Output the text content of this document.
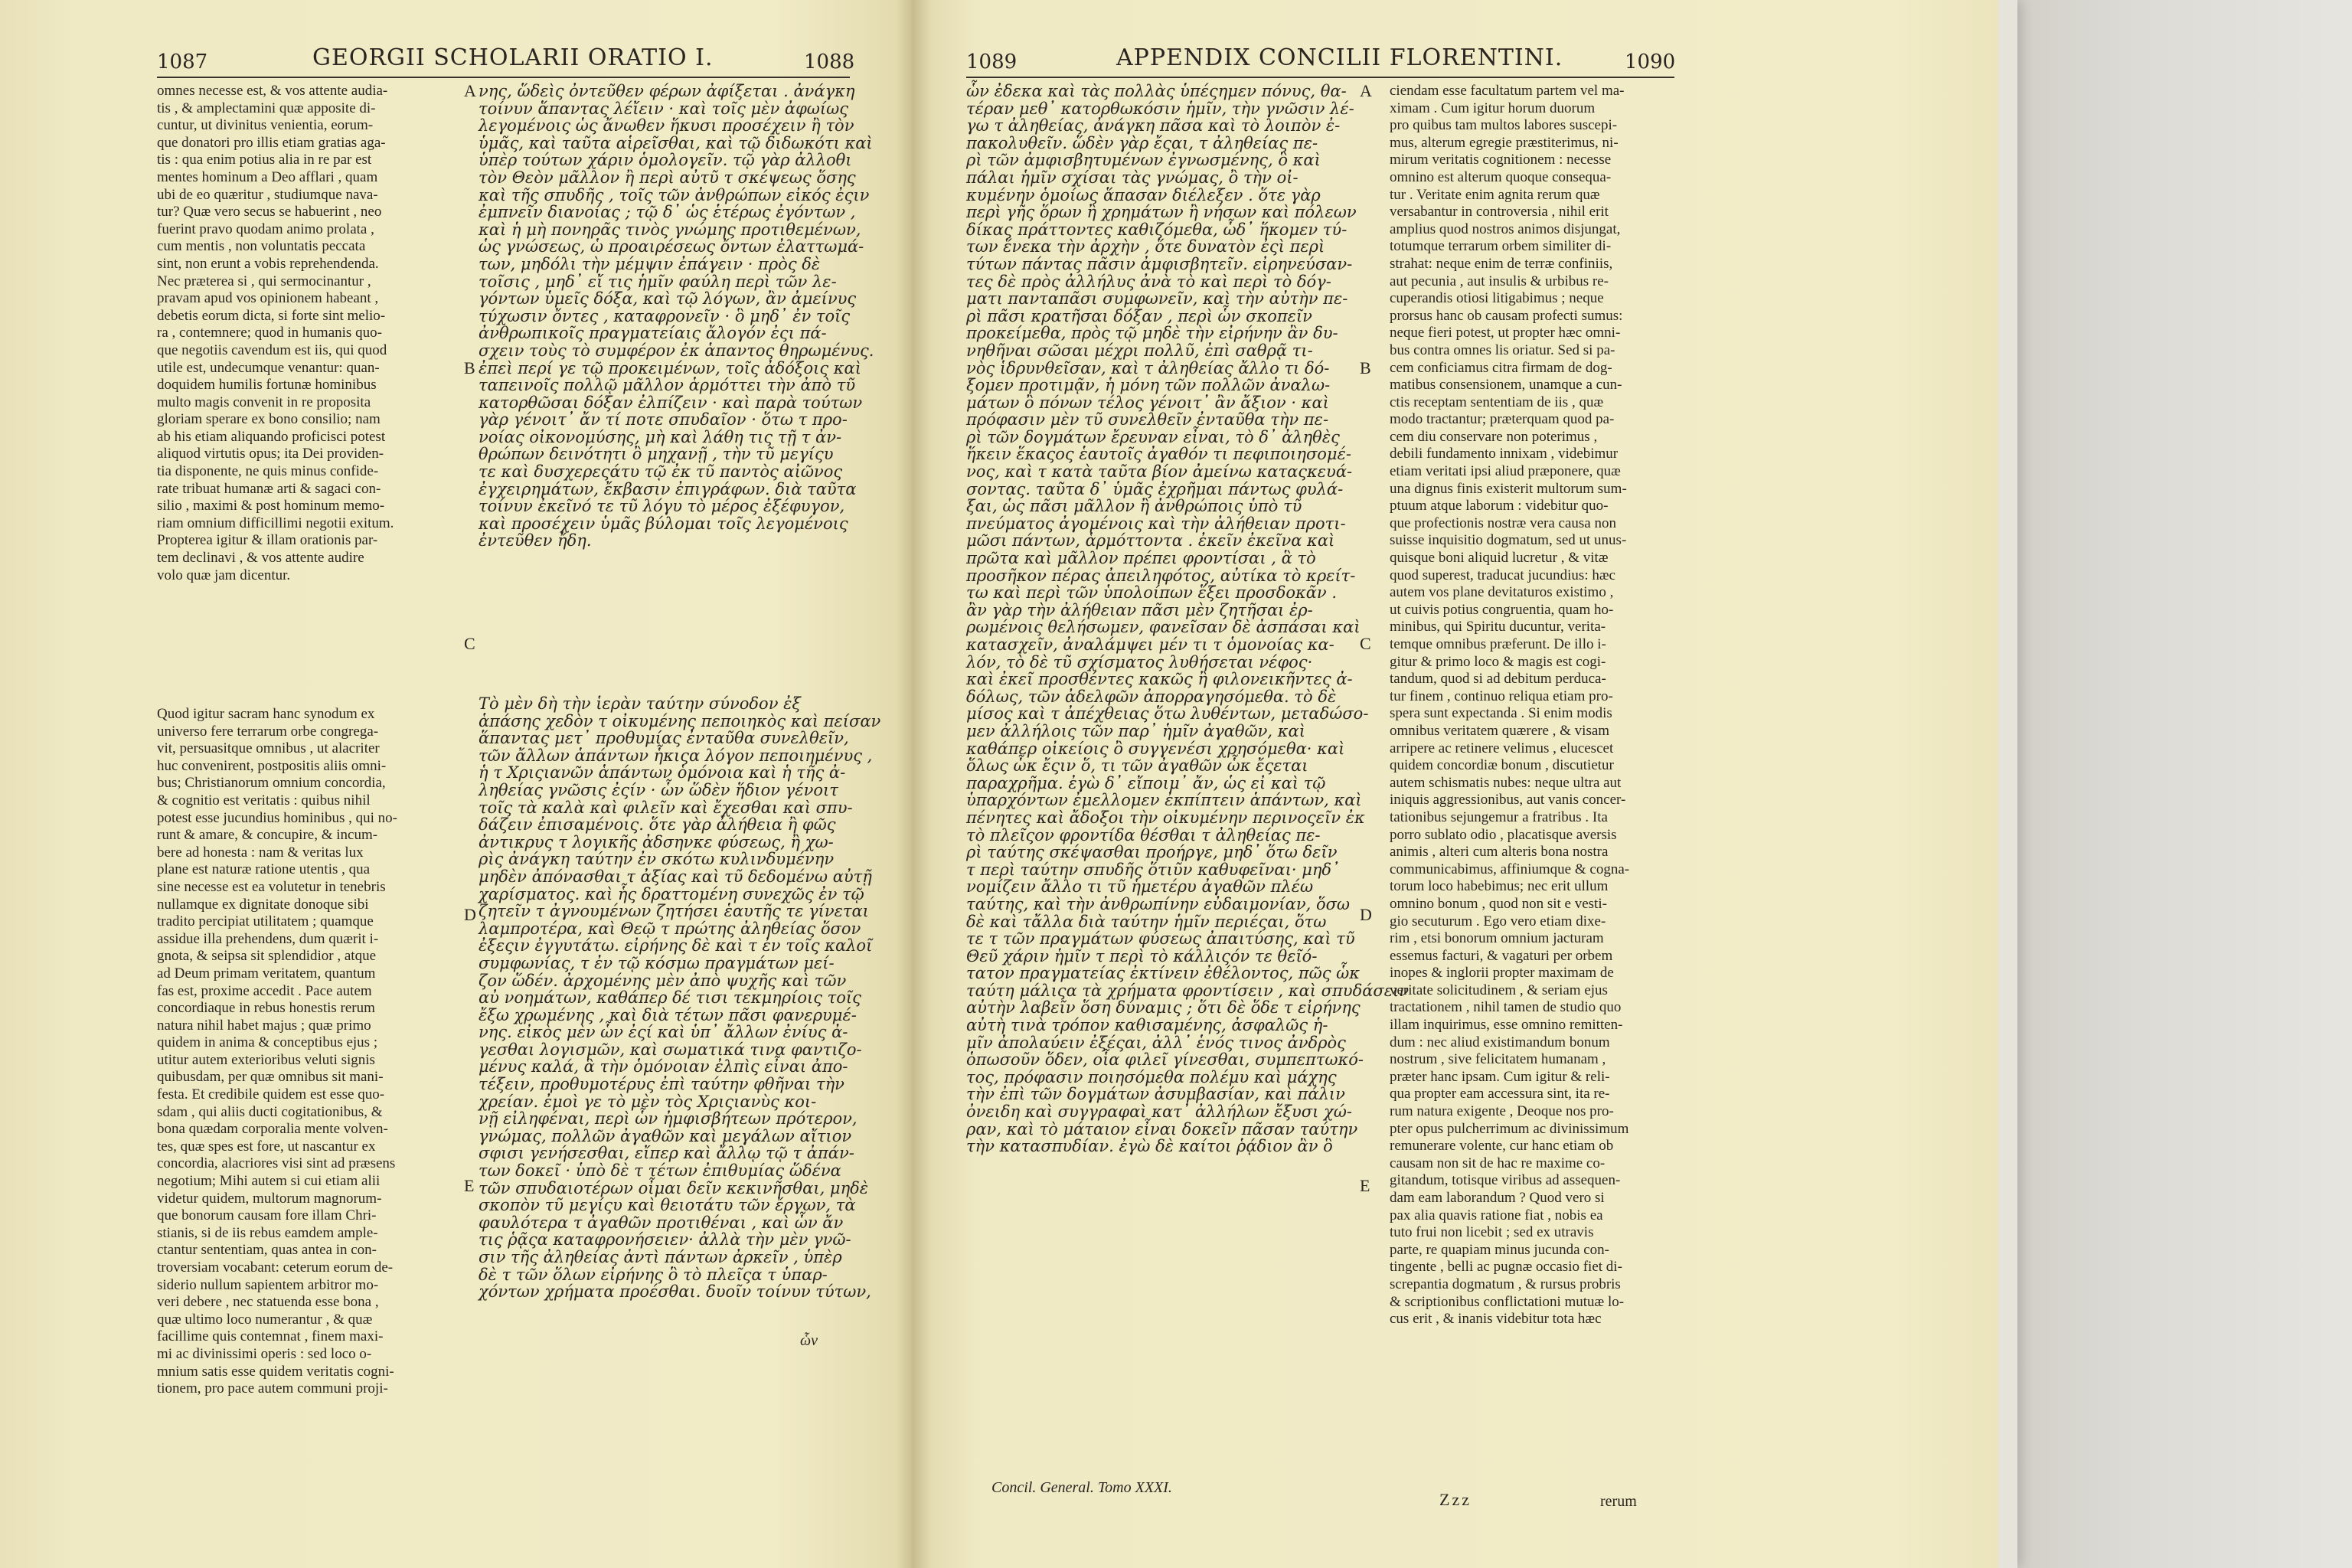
1087	GEORGII SCHOLARII ORATIO I.	1088
omnes necesse est, & vos attente audia-
tis , & amplectamini quæ apposite di-
cuntur, ut divinitus venientia, eorum-
que donatori pro illis etiam gratias aga-
tis : qua enim potius alia in re par est
mentes hominum a Deo afflari , quam
ubi de eo quæritur , studiumque nava-
tur? Quæ vero secus se habuerint , neo
fuerint pravo quodam animo prolata ,
cum mentis , non voluntatis peccata
sint, non erunt a vobis reprehendenda.
Nec præterea si , qui sermocinantur ,
pravam apud vos opinionem habeant ,
debetis eorum dicta, si forte sint melio-
ra , contemnere; quod in humanis quo-
que negotiis cavendum est iis, qui quod
utile est, undecumque venantur: quan-
doquidem humilis fortunæ hominibus
multo magis convenit in re proposita
gloriam sperare ex bono consilio; nam
ab his etiam aliquando proficisci potest
aliquod virtutis opus; ita Dei providen-
tia disponente, ne quis minus confide-
rate tribuat humanæ arti & sagaci con-
silio , maximi & post hominum memo-
riam omnium difficillimi negotii exitum.
Propterea igitur & illam orationis par-
tem declinavi , & vos attente audire
volo quæ jam dicentur.
Quod igitur sacram hanc synodum ex
universo fere terrarum orbe congrega-
vit, persuasitque omnibus , ut alacriter
huc convenirent, postpositis aliis omni-
bus; Christianorum omnium concordia,
& cognitio est veritatis : quibus nihil
potest esse jucundius hominibus , qui no-
runt & amare, & concupire, & incum-
bere ad honesta : nam & veritas lux
plane est naturæ ratione utentis , qua
sine necesse est ea volutetur in tenebris
nullamque ex dignitate donoque sibi
tradito percipiat utilitatem ; quamque
assidue illa prehendens, dum quærit i-
gnota, & seipsa sit splendidior , atque
ad Deum primam veritatem, quantum
fas est, proxime accedit . Pace autem
concordiaque in rebus honestis rerum
natura nihil habet majus ; quæ primo
quidem in anima & conceptibus ejus ;
utitur autem exterioribus veluti signis
quibusdam, per quæ omnibus sit mani-
festa. Et credibile quidem est esse quo-
sdam , qui aliis ducti cogitationibus, &
bona quædam corporalia mente volven-
tes, quæ spes est fore, ut nascantur ex
concordia, alacriores visi sint ad præsens
negotium; Mihi autem si cui etiam alii
videtur quidem, multorum magnorum-
que bonorum causam fore illam Chri-
stianis, si de iis rebus eamdem ample-
ctantur sententiam, quas antea in con-
troversiam vocabant: ceterum eorum de-
siderio nullum sapientem arbitror mo-
veri debere , nec statuenda esse bona ,
quæ ultimo loco numerantur , & quæ
facillime quis contemnat , finem maxi-
mi ac divinissimi operis : sed loco o-
mnium satis esse quidem veritatis cogni-
tionem, pro pace autem communi proji-
νης, ὥδεὶς ὀντεῦθεν φέρων ἀφίξεται . ἀνάγκη
τοίνυν ἅπαντας λέἴειν · καὶ τοῖς μὲν ἀφωίως
λεγομένοις ὡς ἄνωθεν ἥκυσι προσέχειν ἢ τὸν
ὑμᾶς, καὶ ταῦτα αἱρεῖσθαι, καὶ τῷ διδωκότι καὶ
ὑπὲρ τούτων χάριν ὁμολογεῖν. τῷ γὰρ ἀλλοθι
τὸν Θεὸν μᾶλλον ἢ περὶ αὐτῦ τ σκέψεως ὅσης
καὶ τῆς σπυδῆς , τοῖς τῶν ἀνθρώπων εἰκός ἐςιν
ἐμπνεῖν διανοίας ; τῷ δ᾽ ὡς ἑτέρως ἐγόντων ,
καὶ ἡ μὴ πονηρᾶς τινὸς γνώμης προτιθεμένων,
ὡς γνώσεως, ὡ προαιρέσεως ὄντων ἐλαττωμά-
των, μηδόλι τὴν μέμψιν ἐπάγειν · πρὸς δὲ
τοῖσις , μηδ᾽ εἴ τις ἡμῖν φαύλη περὶ τῶν λε-
γόντων ὑμεῖς δόξα, καὶ τῷ λόγων, ἂν ἀμείνυς
τύχωσιν ὄντες , καταφρονεῖν · ὃ μηδ᾽ ἐν τοῖς
ἀνθρωπικοῖς πραγματείαις ἄλογόν ἐςι πά-
σχειν τοὺς τὸ συμφέρον ἐκ ἁπαντος θηρωμένυς.
ἐπεὶ περί γε τῷ προκειμένων, τοῖς ἀδόξοις καὶ
ταπεινοῖς πολλῷ μᾶλλον ἁρμόττει τὴν ἀπὸ τῦ
κατορθῶσαι δόξαν ἐλπίζειν · καὶ παρὰ τούτων
γὰρ γένοιτ᾽ ἄν τί ποτε σπυδαῖον · ὅτω τ προ-
νοίας οἰκονομύσης, μὴ καὶ λάθη τις τῇ τ ἀν-
θρώπων δεινότητι ὂ μηχανῇ , τὴν τῦ μεγίςυ
τε καὶ δυσχερεςάτυ τῷ ἐκ τῦ παντὸς αἰῶνος
ἐγχειρημάτων, ἔκβασιν ἐπιγράφων. διὰ ταῦτα
τοίνυν ἐκεῖνό τε τῦ λόγυ τὸ μέρος ἐξέφυγον,
καὶ προσέχειν ὑμᾶς βύλομαι τοῖς λεγομένοις
ἐντεῦθεν ἤδη.
Τὸ μὲν δὴ τὴν ἱερὰν ταύτην σύνοδον ἐξ
ἁπάσης χεδὸν τ οἰκυμένης πεποιηκὸς καὶ πείσαν
ἅπαντας μετ᾽ προθυμίας ἐνταῦθα συνελθεῖν,
τῶν ἄλλων ἁπάντων ἧκιςα λόγον πεποιημένυς ,
ἡ τ Χριςιανῶν ἁπάντων ὁμόνοια καὶ ἡ τῆς ἀ-
ληθείας γνῶσις ἐςίν · ὧν ὥδὲν ἥδιον γένοιτ
τοῖς τὰ καλὰ καὶ φιλεῖν καὶ ἔχεσθαι καὶ σπυ-
δάζειν ἐπισαμένοις. ὅτε γὰρ ἀλήθεια ἢ φῶς
ἀντικρυς τ λογικῆς ἀδσηνκε φύσεως, ἢ χω-
ρὶς ἀνάγκη ταύτην ἐν σκότω κυλινδυμένην
μηδὲν ἀπόνασθαι τ ἀξίας καὶ τῦ δεδομένω αὐτῇ
χαρίσματος. καὶ ἧς δραττομένη συνεχῶς ἐν τῷ
ζητεῖν τ ἀγνουμένων ζητήσει ἑαυτῆς τε γίνεται
λαμπροτέρα, καὶ Θεῷ τ πρώτης ἀληθείας ὅσον
ἐξεςιν ἐγγυτάτω. εἰρήνης δὲ καὶ τ ἐν τοῖς καλοῖ
συμφωνίας, τ ἐν τῷ κόσμω πραγμάτων μεί-
ζον ὥδέν. ἀρχομένης μὲν ἀπὸ ψυχῆς καὶ τῶν
αὐ νοημάτων, καθάπερ δέ τισι τεκμηρίοις τοῖς
ἔξω χρωμένης , καὶ διὰ τέτων πᾶσι φανερυμέ-
νης. εἰκὸς μὲν ὧν ἐςί καὶ ὑπ᾽ ἄλλων ἐνίυς ἀ-
γεσθαι λογισμῶν, καὶ σωματικά τινα φαντιζο-
μένυς καλά, ἃ τὴν ὁμόνοιαν ἐλπὶς εἶναι ἀπο-
τέξειν, προθυμοτέρυς ἐπὶ ταύτην φθῆναι τὴν
χρείαν. ἐμοὶ γε τὸ μὲν τὸς Χριςιανὺς κοι-
νῇ εἰληφέναι, περὶ ὧν ἠμφισβήτεων πρότερον,
γνώμας, πολλῶν ἀγαθῶν καὶ μεγάλων αἴτιον
σφισι γενήσεσθαι, εἴπερ καὶ ἄλλῳ τῷ τ ἀπάν-
των δοκεῖ · ὑπὸ δὲ τ τέτων ἐπιθυμίας ὥδένα
τῶν σπυδαιοτέρων οἶμαι δεῖν κεκινῆσθαι, μηδὲ
σκοπὸν τῦ μεγίςυ καὶ θειοτάτυ τῶν ἔργων, τὰ
φαυλότερα τ ἀγαθῶν προτιθέναι , καὶ ὧν ἄν
τις ῥᾷςα καταφρονήσειεν· ἀλλὰ τὴν μὲν γνῶ-
σιν τῆς ἀληθείας ἀντὶ πάντων ἀρκεῖν , ὑπὲρ
δὲ τ τῶν ὅλων εἰρήνης ὃ τὸ πλεῖςα τ ὑπαρ-
χόντων χρήματα προέσθαι. δυοῖν τοίνυν τύτων,
A
B
C
D
E
ὧν
1089	APPENDIX CONCILII FLORENTINI.	1090
ὧν ἐδεκα καὶ τὰς πολλὰς ὑπέςημεν πόνυς, θα-
τέραν μεθ᾽ κατορθωκόσιν ἡμῖν, τὴν γνῶσιν λέ-
γω τ ἀληθείας, ἀνάγκη πᾶσα καὶ τὸ λοιπὸν ἐ-
πακολυθεῖν. ὥδὲν γὰρ ἔςαι, τ ἀληθείας πε-
ρὶ τῶν ἀμφισβητυμένων ἐγνωσμένης, ὃ καὶ
πάλαι ἡμῖν σχίσαι τὰς γνώμας, ὂ τὴν οἰ-
κυμένην ὁμοίως ἅπασαν διέλεξεν . ὅτε γὰρ
περὶ γῆς ὅρων ἢ χρημάτων ἢ νήσων καὶ πόλεων
δίκας πράττοντες καθιζόμεθα, ὧδ᾽ ἥκομεν τύ-
των ἕνεκα τὴν ἀρχὴν , ὅτε δυνατὸν ἐςὶ περὶ
τύτων πάντας πᾶσιν ἀμφισβητεῖν. εἰρηνεύσαν-
τες δὲ πρὸς ἀλλήλυς ἀνὰ τὸ καὶ περὶ τὸ δόγ-
ματι πανταπᾶσι συμφωνεῖν, καὶ τὴν αὐτὴν πε-
ρὶ πᾶσι κρατῆσαι δόξαν , περὶ ὧν σκοπεῖν
προκείμεθα, πρὸς τῷ μηδὲ τὴν εἰρήνην ἂν δυ-
νηθῆναι σῶσαι μέχρι πολλῦ, ἐπὶ σαθρᾷ τι-
νὸς ἱδρυνθεῖσαν, καὶ τ ἀληθείας ἄλλο τι δό-
ξομεν προτιμᾷν, ἡ μόνη τῶν πολλῶν ἀναλω-
μάτων ὂ πόνων τέλος γένοιτ᾽ ἂν ἄξιον · καὶ
πρόφασιν μὲν τῦ συνελθεῖν ἐνταῦθα τὴν πε-
ρὶ τῶν δογμάτων ἔρευναν εἶναι, τὸ δ᾽ ἀληθὲς
ἥκειν ἕκαςος ἑαυτοῖς ἀγαθόν τι πεφιποιησομέ-
νος, καὶ τ κατὰ ταῦτα βίον ἀμείνω καταςκευά-
σοντας. ταῦτα δ᾽ ὑμᾶς ἐχρῆμαι πάντως φυλά-
ξαι, ὡς πᾶσι μᾶλλον ἢ ἀνθρώποις ὑπὸ τῦ
πνεύματος ἀγομένοις καὶ τὴν ἀλήθειαν προτι-
μῶσι πάντων, ἁρμόττοντα . ἐκεῖν ἐκεῖνα καὶ
πρῶτα καὶ μᾶλλον πρέπει φροντίσαι , ἃ τὸ
προσῆκον πέρας ἀπειληφότος, αὐτίκα τὸ κρείτ-
τω καὶ περὶ τῶν ὑπολοίπων ἕξει προσδοκᾶν .
ἂν γὰρ τὴν ἀλήθειαν πᾶσι μὲν ζητῆσαι ἐρ-
ρωμένοις θελήσωμεν, φανεῖσαν δὲ ἀσπάσαι καὶ
κατασχεῖν, ἀναλάμψει μέν τι τ ὁμονοίας κα-
λόν, τὸ δὲ τῦ σχίσματος λυθήσεται νέφος·
καὶ ἐκεῖ προσθέντες κακῶς ἢ φιλονεικῆντες ἀ-
δόλως, τῶν ἀδελφῶν ἀπορραγησόμεθα. τὸ δὲ
μίσος καὶ τ ἀπέχθειας ὅτω λυθέντων, μεταδώσο-
μεν ἀλλήλοις τῶν παρ᾽ ἡμῖν ἀγαθῶν, καὶ
καθάπερ οἰκείοις ὂ συγγενέσι χρησόμεθα· καὶ
ὅλως ὧκ ἔςιν ὅ, τι τῶν ἀγαθῶν ὧκ ἔςεται
παραχρῆμα. ἐγὼ δ᾽ εἴποιμ᾽ ἄν, ὡς εἰ καὶ τῷ
ὑπαρχόντων ἐμελλομεν ἐκπίπτειν ἁπάντων, καὶ
πένητες καὶ ἄδοξοι τὴν οἰκυμένην περινοςεῖν ἐκ
τὸ πλεῖςον φροντίδα θέσθαι τ ἀληθείας πε-
ρὶ ταύτης σκέψασθαι προήργε, μηδ᾽ ὅτω δεῖν
τ περὶ ταύτην σπυδῆς ὅτιῦν καθυφεῖναι· μηδ᾽
νομίζειν ἄλλο τι τῦ ἡμετέρυ ἀγαθῶν πλέω
ταύτης, καὶ τὴν ἀνθρωπίνην εὐδαιμονίαν, ὅσω
δὲ καὶ τἄλλα διὰ ταύτην ἡμῖν περιέςαι, ὅτω
τε τ τῶν πραγμάτων φύσεως ἀπαιτύσης, καὶ τῦ
Θεῦ χάριν ἡμῖν τ περὶ τὸ κάλλιςόν τε θεῖό-
τατον πραγματείας ἐκτίνειν ἐθέλοντος, πῶς ὧκ
ταύτη μάλιςα τὰ χρήματα φροντίσειν , καὶ σπυδάσειν
αὐτὴν λαβεῖν ὅση δύναμις ; ὅτι δὲ ὅδε τ εἰρήνης
αὐτὴ τινὰ τρόπον καθισαμένης, ἀσφαλῶς ἡ-
μῖν ἀπολαύειν ἐξέςαι, ἀλλ᾽ ἑνός τινος ἀνδρὸς
ὁπωσοῦν ὅδεν, οἷα φιλεῖ γίνεσθαι, συμπεπτωκό-
τος, πρόφασιν ποιησόμεθα πολέμυ καὶ μάχης
τὴν ἐπὶ τῶν δογμάτων ἀσυμβασίαν, καὶ πάλιν
ὀνειδη καὶ συγγραφαὶ κατ᾽ ἀλλήλων ἔξυσι χώ-
ραν, καὶ τὸ μάταιον εἶναι δοκεῖν πᾶσαν ταύτην
τὴν κατασπυδίαν. ἐγὼ δὲ καίτοι ῥᾴδιον ἂν ὃ
ciendam esse facultatum partem vel ma-
ximam . Cum igitur horum duorum
pro quibus tam multos labores suscepi-
mus, alterum egregie præstiterimus, ni-
mirum veritatis cognitionem : necesse
omnino est alterum quoque consequa-
tur . Veritate enim agnita rerum quæ
versabantur in controversia , nihil erit
amplius quod nostros animos disjungat,
totumque terrarum orbem similiter di-
strahat: neque enim de terræ confiniis,
aut pecunia , aut insulis & urbibus re-
cuperandis otiosi litigabimus ; neque
prorsus hanc ob causam profecti sumus:
neque fieri potest, ut propter hæc omni-
bus contra omnes lis oriatur. Sed si pa-
cem conficiamus citra firmam de dog-
matibus consensionem, unamque a cun-
ctis receptam sententiam de iis , quæ
modo tractantur; præterquam quod pa-
cem diu conservare non poterimus ,
debili fundamento innixam , videbimur
etiam veritati ipsi aliud præponere, quæ
una dignus finis existerit multorum sum-
ptuum atque laborum : videbitur quo-
que profectionis nostræ vera causa non
suisse inquisitio dogmatum, sed ut unus-
quisque boni aliquid lucretur , & vitæ
quod superest, traducat jucundius: hæc
autem vos plane devitaturos existimo ,
ut cuivis potius congruentia, quam ho-
minibus, qui Spiritu ducuntur, verita-
temque omnibus præferunt. De illo i-
gitur & primo loco & magis est cogi-
tandum, quod si ad debitum perduca-
tur finem , continuo reliqua etiam pro-
spera sunt expectanda . Si enim modis
omnibus veritatem quærere , & visam
arripere ac retinere velimus , elucescet
quidem concordiæ bonum , discutietur
autem schismatis nubes: neque ultra aut
iniquis aggressionibus, aut vanis concer-
tationibus sejungemur a fratribus . Ita
porro sublato odio , placatisque aversis
animis , alteri cum alteris bona nostra
communicabimus, affiniumque & cogna-
torum loco habebimus; nec erit ullum
omnino bonum , quod non sit e vesti-
gio secuturum . Ego vero etiam dixe-
rim , etsi bonorum omnium jacturam
essemus facturi, & vagaturi per orbem
inopes & inglorii propter maximam de
veritate solicitudinem , & seriam ejus
tractationem , nihil tamen de studio quo
illam inquirimus, esse omnino remitten-
dum : nec aliud existimandum bonum
nostrum , sive felicitatem humanam ,
præter hanc ipsam. Cum igitur & reli-
qua propter eam accessura sint, ita re-
rum natura exigente , Deoque nos pro-
pter opus pulcherrimum ac divinissimum
remunerare volente, cur hanc etiam ob
causam non sit de hac re maxime co-
gitandum, totisque viribus ad assequen-
dam eam laborandum ? Quod vero si
pax alia quavis ratione fiat , nobis ea
tuto frui non licebit ; sed ex utravis
parte, re quapiam minus jucunda con-
tingente , belli ac pugnæ occasio fiet di-
screpantia dogmatum , & rursus probris
& scriptionibus conflictationi mutuæ lo-
cus erit , & inanis videbitur tota hæc
A
B
C
D
E
Concil. General. Tomo XXXI.
Zzz	rerum
